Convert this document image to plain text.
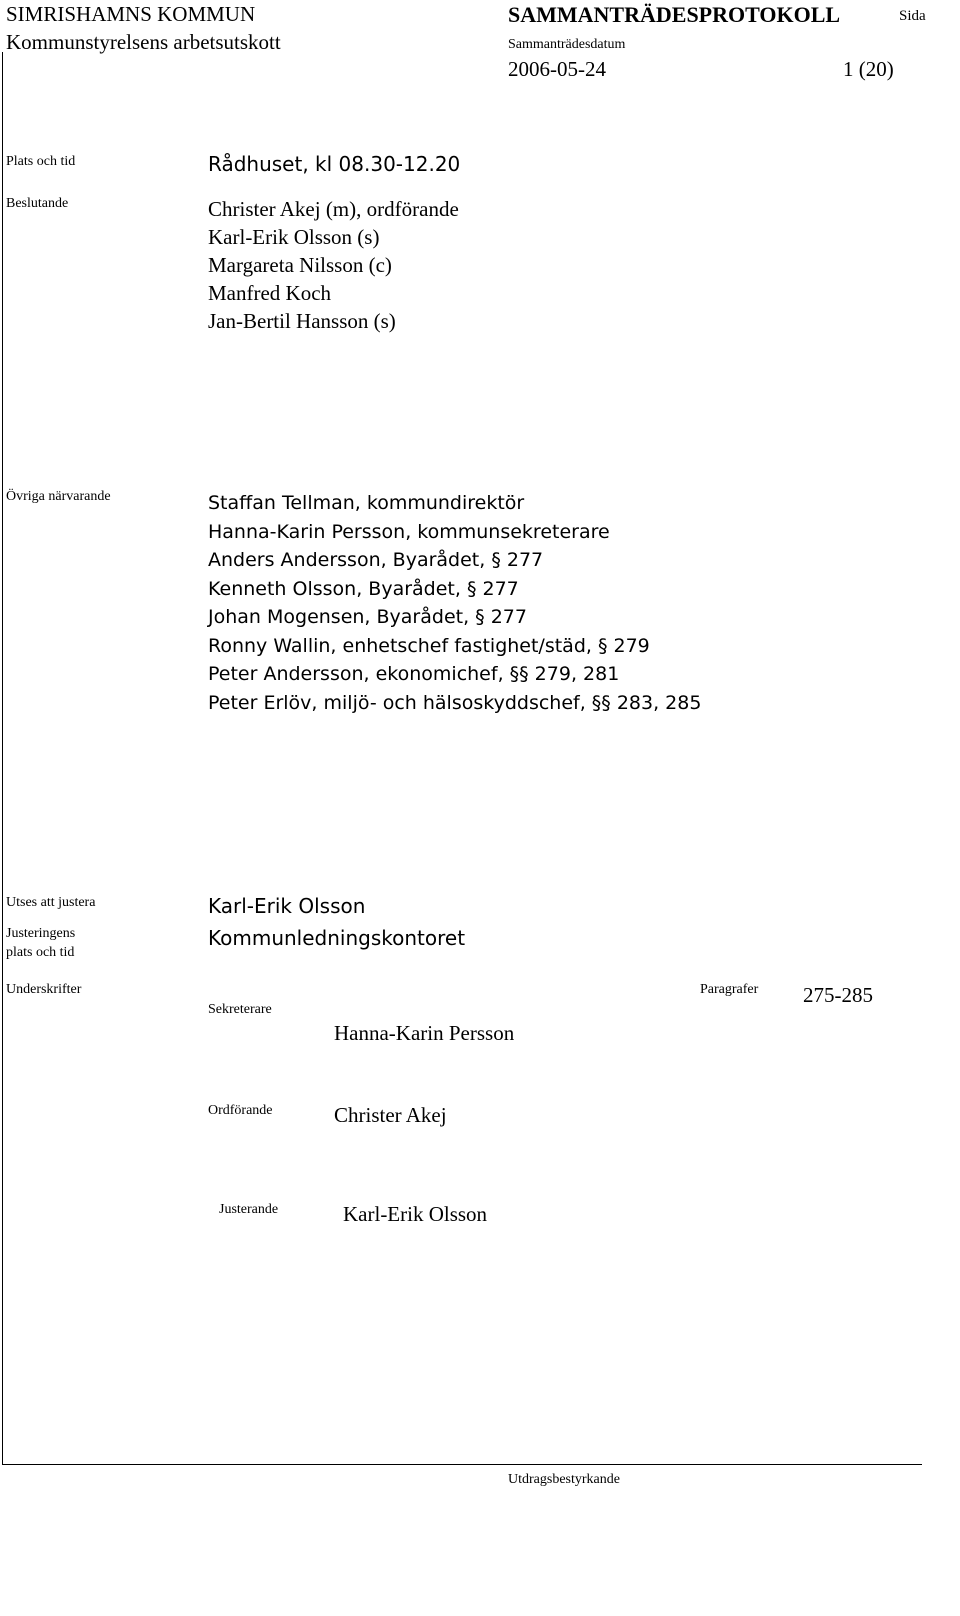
SIMRISHAMNS KOMMUN
Kommunstyrelsens arbetsutskott
SAMMANTRÄDESPROTOKOLL	Sida
Sammanträdesdatum
2006-05-24	1 (20)
Plats och tid	Rådhuset, kl 08.30-12.20
Beslutande	Christer Akej (m), ordförande
Karl-Erik Olsson (s)
Margareta Nilsson (c)
Manfred Koch
Jan-Bertil Hansson (s)
Övriga närvarande	Staffan Tellman, kommundirektör
Hanna-Karin Persson, kommunsekreterare
Anders Andersson, Byarådet, § 277
Kenneth Olsson, Byarådet, § 277
Johan Mogensen, Byarådet, § 277
Ronny Wallin, enhetschef fastighet/städ, § 279
Peter Andersson, ekonomichef, §§ 279, 281
Peter Erlöv, miljö- och hälsoskyddschef, §§ 283, 285
Utses att justera	Karl-Erik Olsson
Justeringens
plats och tid
Kommunledningskontoret
Underskrifter	Paragrafer 275-285
Sekreterare
Hanna-Karin Persson
Ordförande	Christer Akej
Justerande	Karl-Erik Olsson
Utdragsbestyrkande
